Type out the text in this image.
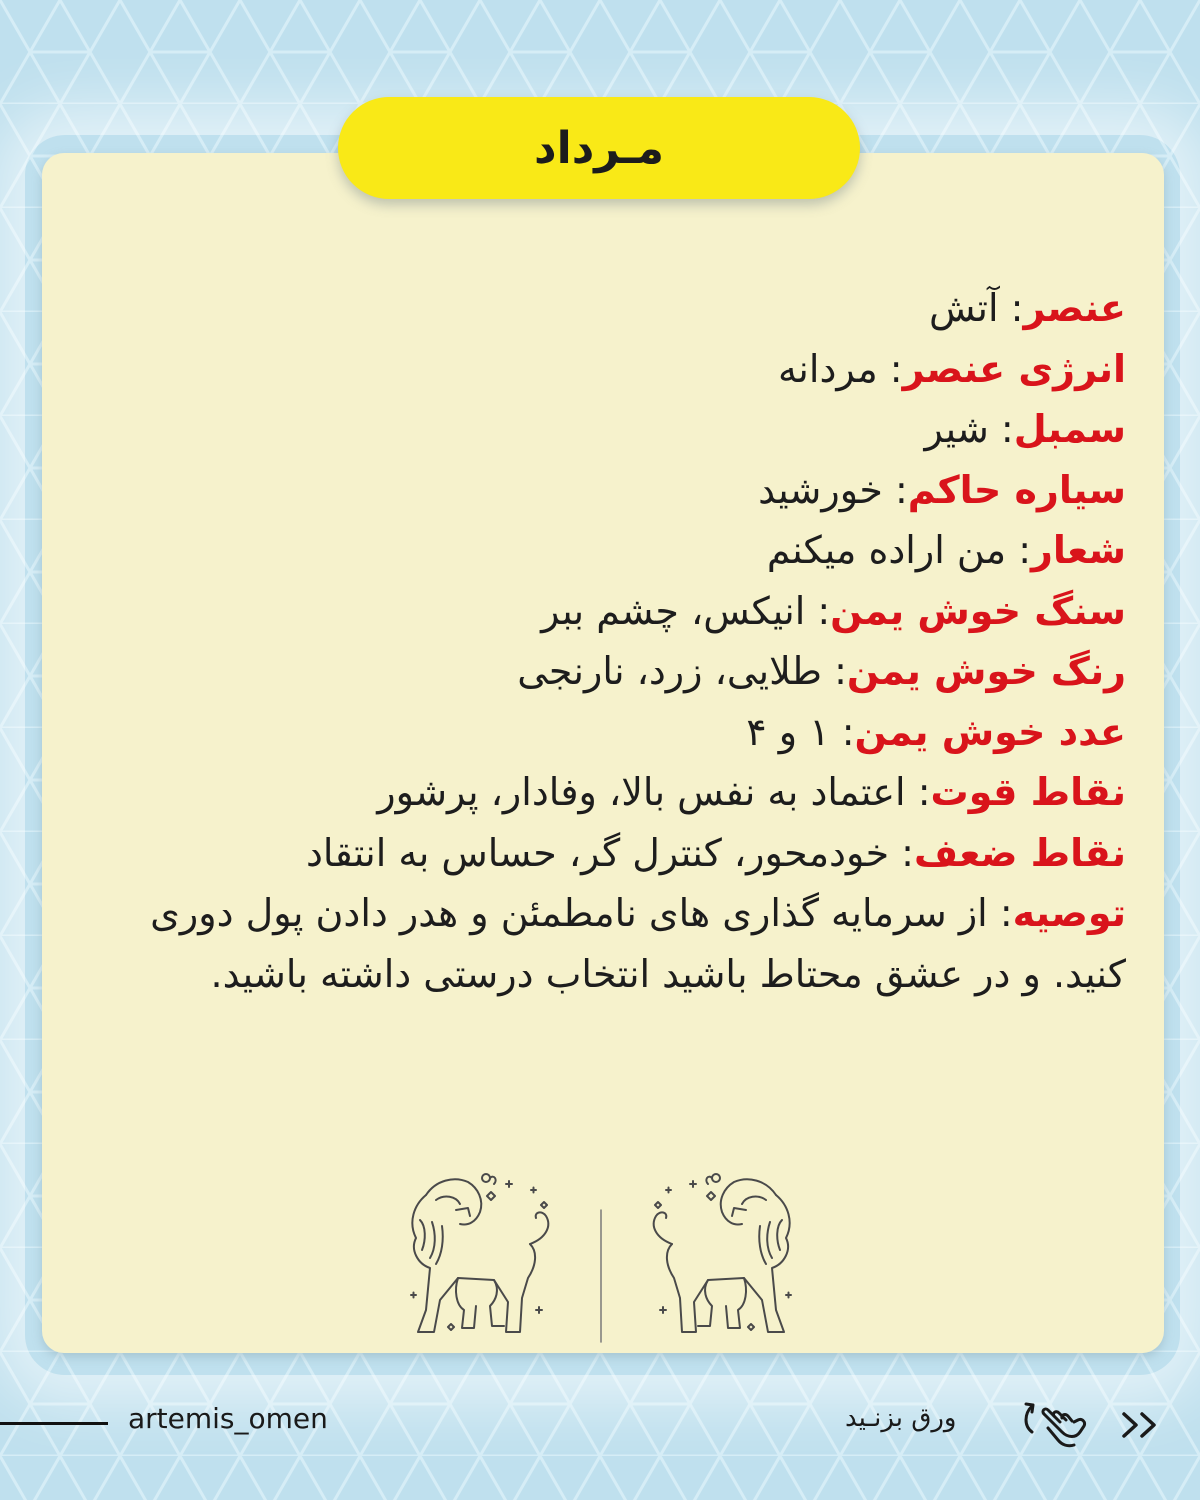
مـرداد

عنصر: آتش

انرژی عنصر: مردانه

سمبل: شیر

سیاره حاکم: خورشید

شعار: من اراده میکنم

سنگ خوش یمن: انیکس، چشم ببر

رنگ خوش یمن: طلایی، زرد، نارنجی

عدد خوش یمن: ۱ و ۴

نقاط قوت: اعتماد به نفس بالا، وفادار، پرشور

نقاط ضعف: خودمحور، کنترل گر، حساس به انتقاد

توصیه: از سرمایه گذاری های نامطمئن و هدر دادن پول دوری کنید. و در عشق محتاط باشید انتخاب درستی داشته باشید.

artemis_omen	ورق بزنـید
